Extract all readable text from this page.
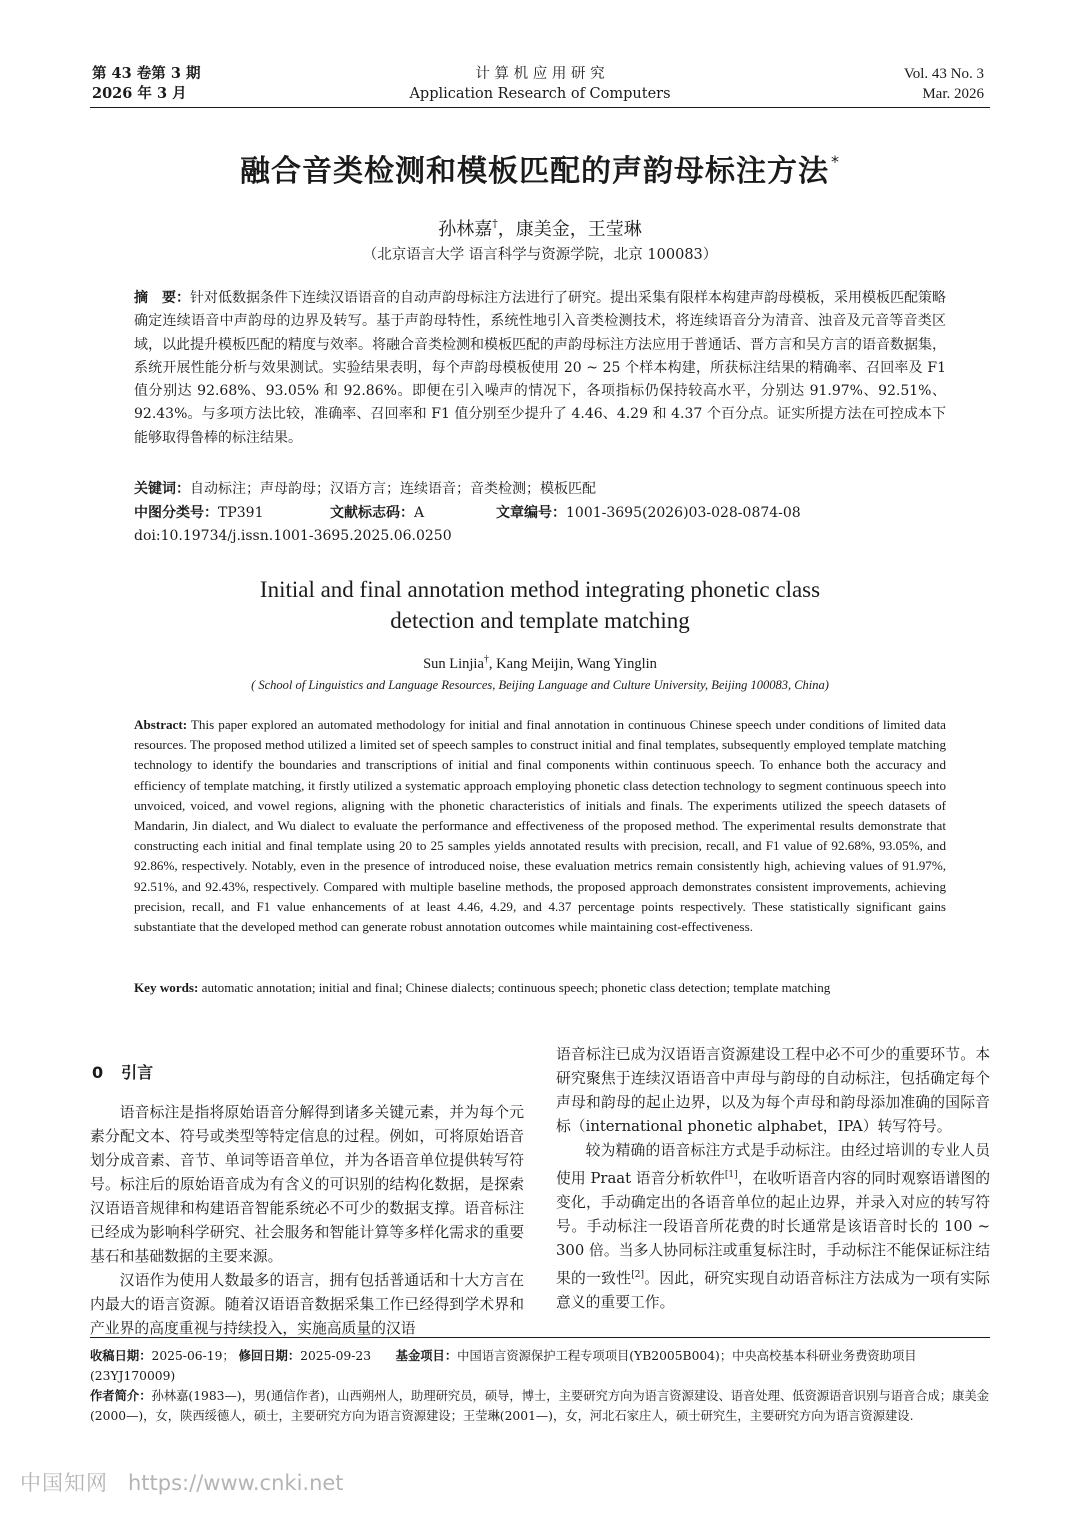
第 43 卷第 3 期
2026 年 3 月
计 算 机 应 用 研 究
Application Research of Computers
Vol. 43 No. 3
Mar. 2026
融合音类检测和模板匹配的声韵母标注方法 *
孙林嘉†，康美金，王莹琳
（北京语言大学 语言科学与资源学院，北京 100083）
摘　要：针对低数据条件下连续汉语语音的自动声韵母标注方法进行了研究。提出采集有限样本构建声韵母模板，采用模板匹配策略确定连续语音中声韵母的边界及转写。基于声韵母特性，系统性地引入音类检测技术，将连续语音分为清音、浊音及元音等音类区域，以此提升模板匹配的精度与效率。将融合音类检测和模板匹配的声韵母标注方法应用于普通话、晋方言和吴方言的语音数据集，系统开展性能分析与效果测试。实验结果表明，每个声韵母模板使用 20 ~ 25 个样本构建，所获标注结果的精确率、召回率及 F1 值分别达 92.68%、93.05% 和 92.86%。即便在引入噪声的情况下，各项指标仍保持较高水平，分别达 91.97%、92.51%、92.43%。与多项方法比较，准确率、召回率和 F1 值分别至少提升了 4.46、4.29 和 4.37 个百分点。证实所提方法在可控成本下能够取得鲁棒的标注结果。
关键词：自动标注；声母韵母；汉语方言；连续语音；音类检测；模板匹配
中图分类号：TP391	文献标志码：A	文章编号：1001-3695(2026)03-028-0874-08
doi:10.19734/j.issn.1001-3695.2025.06.0250
Initial and final annotation method integrating phonetic class
detection and template matching
Sun Linjia†, Kang Meijin, Wang Yinglin
( School of Linguistics and Language Resources, Beijing Language and Culture University, Beijing 100083, China)
Abstract: This paper explored an automated methodology for initial and final annotation in continuous Chinese speech under conditions of limited data resources. The proposed method utilized a limited set of speech samples to construct initial and final templates, subsequently employed template matching technology to identify the boundaries and transcriptions of initial and final components within continuous speech. To enhance both the accuracy and efficiency of template matching, it firstly utilized a systematic approach employing phonetic class detection technology to segment continuous speech into unvoiced, voiced, and vowel regions, aligning with the phonetic characteristics of initials and finals. The experiments utilized the speech datasets of Mandarin, Jin dialect, and Wu dialect to evaluate the performance and effectiveness of the proposed method. The experimental results demonstrate that constructing each initial and final template using 20 to 25 samples yields annotated results with precision, recall, and F1 value of 92.68%, 93.05%, and 92.86%, respectively. Notably, even in the presence of introduced noise, these evaluation metrics remain consistently high, achieving values of 91.97%, 92.51%, and 92.43%, respectively. Compared with multiple baseline methods, the proposed approach demonstrates consistent improvements, achieving precision, recall, and F1 value enhancements of at least 4.46, 4.29, and 4.37 percentage points respectively. These statistically significant gains substantiate that the developed method can generate robust annotation outcomes while maintaining cost-effectiveness.
Key words: automatic annotation; initial and final; Chinese dialects; continuous speech; phonetic class detection; template matching
0 引言

语音标注是指将原始语音分解得到诸多关键元素，并为每个元素分配文本、符号或类型等特定信息的过程。例如，可将原始语音划分成音素、音节、单词等语音单位，并为各语音单位提供转写符号。标注后的原始语音成为有含义的可识别的结构化数据，是探索汉语语音规律和构建语音智能系统必不可少的数据支撑。语音标注已经成为影响科学研究、社会服务和智能计算等多样化需求的重要基石和基础数据的主要来源。

汉语作为使用人数最多的语言，拥有包括普通话和十大方言在内最大的语言资源。随着汉语语音数据采集工作已经得到学术界和产业界的高度重视与持续投入，实施高质量的汉语

语音标注已成为汉语语言资源建设工程中必不可少的重要环节。本研究聚焦于连续汉语语音中声母与韵母的自动标注，包括确定每个声母和韵母的起止边界，以及为每个声母和韵母添加准确的国际音标（international phonetic alphabet，IPA）转写符号。

较为精确的语音标注方式是手动标注。由经过培训的专业人员使用 Praat 语音分析软件[1]，在收听语音内容的同时观察语谱图的变化，手动确定出的各语音单位的起止边界，并录入对应的转写符号。手动标注一段语音所花费的时长通常是该语音时长的 100 ~ 300 倍。当多人协同标注或重复标注时，手动标注不能保证标注结果的一致性[2]。因此，研究实现自动语音标注方法成为一项有实际意义的重要工作。

收稿日期：2025-06-19； 修回日期：2025-09-23　　 基金项目：中国语言资源保护工程专项项目(YB2005B004)；中央高校基本科研业务费资助项目(23YJ170009)
作者简介：孙林嘉(1983—)，男(通信作者)，山西朔州人，助理研究员，硕导，博士，主要研究方向为语言资源建设、语音处理、低资源语音识别与语音合成；康美金(2000—)，女，陕西绥德人，硕士，主要研究方向为语言资源建设；王莹琳(2001—)，女，河北石家庄人，硕士研究生，主要研究方向为语言资源建设.
中国知网 https://www.cnki.net
